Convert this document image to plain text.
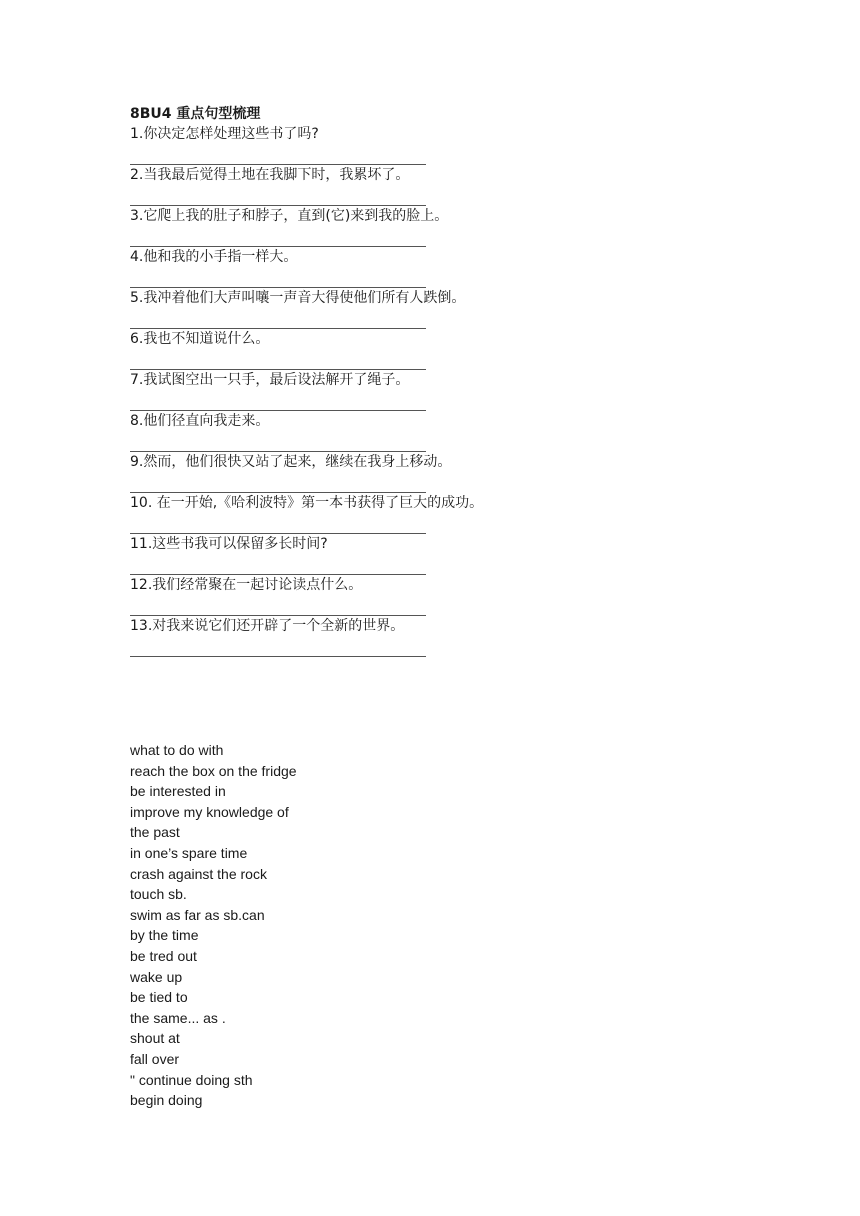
8BU4 重点句型梳理
1.你决定怎样处理这些书了吗?
2.当我最后觉得土地在我脚下时，我累坏了。
3.它爬上我的肚子和脖子，直到(它)来到我的脸上。
4.他和我的小手指一样大。
5.我冲着他们大声叫嚷一声音大得使他们所有人跌倒。
6.我也不知道说什么。
7.我试图空出一只手，最后设法解开了绳子。
8.他们径直向我走来。
9.然而，他们很快又站了起来，继续在我身上移动。
10. 在一开始,《哈利波特》第一本书获得了巨大的成功。
11.这些书我可以保留多长时间?
12.我们经常聚在一起讨论读点什么。
13.对我来说它们还开辟了一个全新的世界。
what to do with
reach the box on the fridge
be interested in
improve my knowledge of
the past
in one’s spare time
crash against the rock
touch sb.
swim as far as sb.can
by the time
be tred out
wake up
be tied to
the same... as .
shout at
fall over
" continue doing sth
begin doing
